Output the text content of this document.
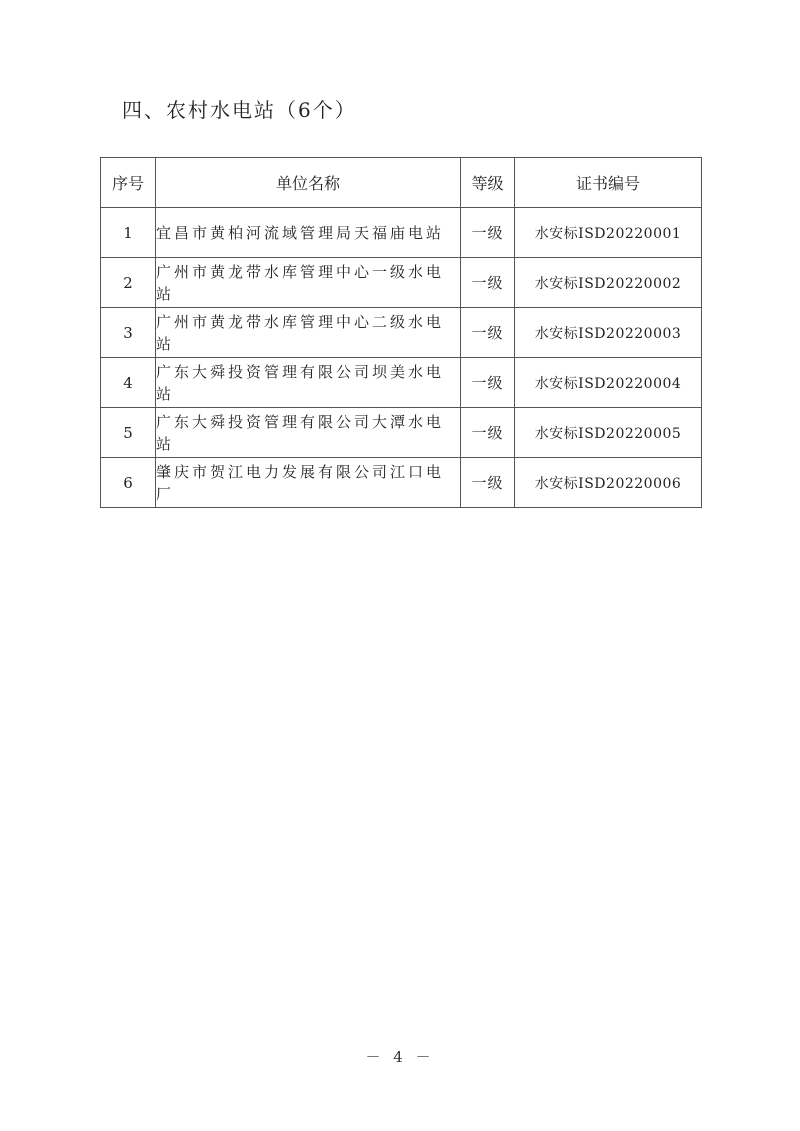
四、农村水电站（6个）
序号	单位名称	等级	证书编号
1	宜昌市黄柏河流域管理局天福庙电站	一级	水安标ⅠSD20220001
2	广州市黄龙带水库管理中心一级水电站	一级	水安标ⅠSD20220002
3	广州市黄龙带水库管理中心二级水电站	一级	水安标ⅠSD20220003
4	广东大舜投资管理有限公司坝美水电站	一级	水安标ⅠSD20220004
5	广东大舜投资管理有限公司大潭水电站	一级	水安标ⅠSD20220005
6	肇庆市贺江电力发展有限公司江口电厂	一级	水安标ⅠSD20220006
－ 4 －
